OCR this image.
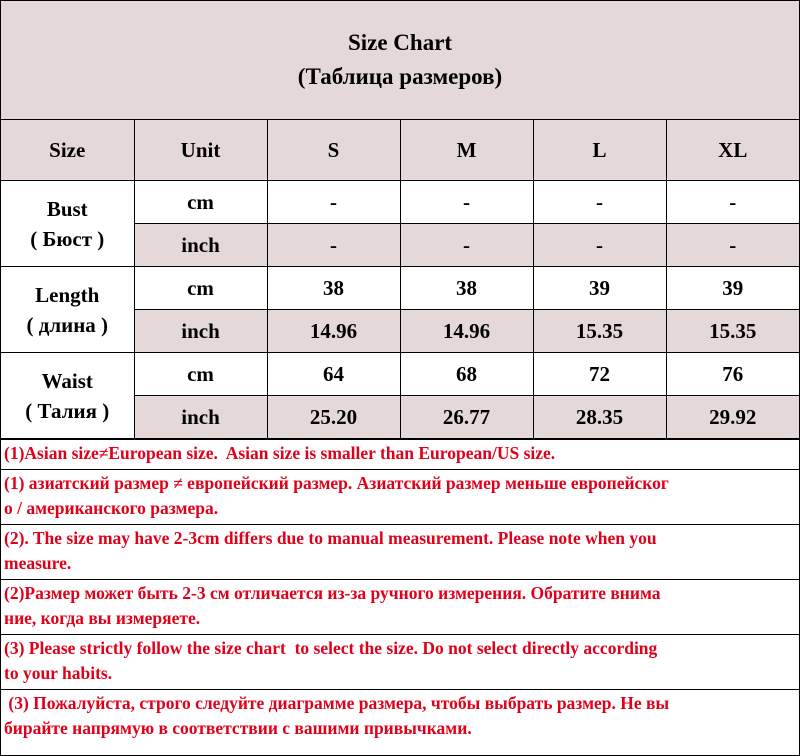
Size Chart
(Таблица размеров)
Size	Unit	S	M	L	XL

Bust
( Бюст )	cm	-	-	-	-
	inch	-	-	-	-

Length
( длина )	cm	38	38	39	39
	inch	14.96	14.96	15.35	15.35

Waist
( Талия )	cm	64	68	72	76
	inch	25.20	26.77	28.35	29.92
(1)Asian size≠European size.  Asian size is smaller than European/US size.
(1) азиатский размер ≠ европейский размер. Азиатский размер меньше европейског
о / американского размера.
(2). The size may have 2-3cm differs due to manual measurement. Please note when you
measure.
(2)Размер может быть 2-3 см отличается из-за ручного измерения. Обратите внима
ние, когда вы измеряете.
(3) Please strictly follow the size chart  to select the size. Do not select directly according
to your habits.
(3) Пожалуйста, строго следуйте диаграмме размера, чтобы выбрать размер. Не вы
бирайте напрямую в соответствии с вашими привычками.
